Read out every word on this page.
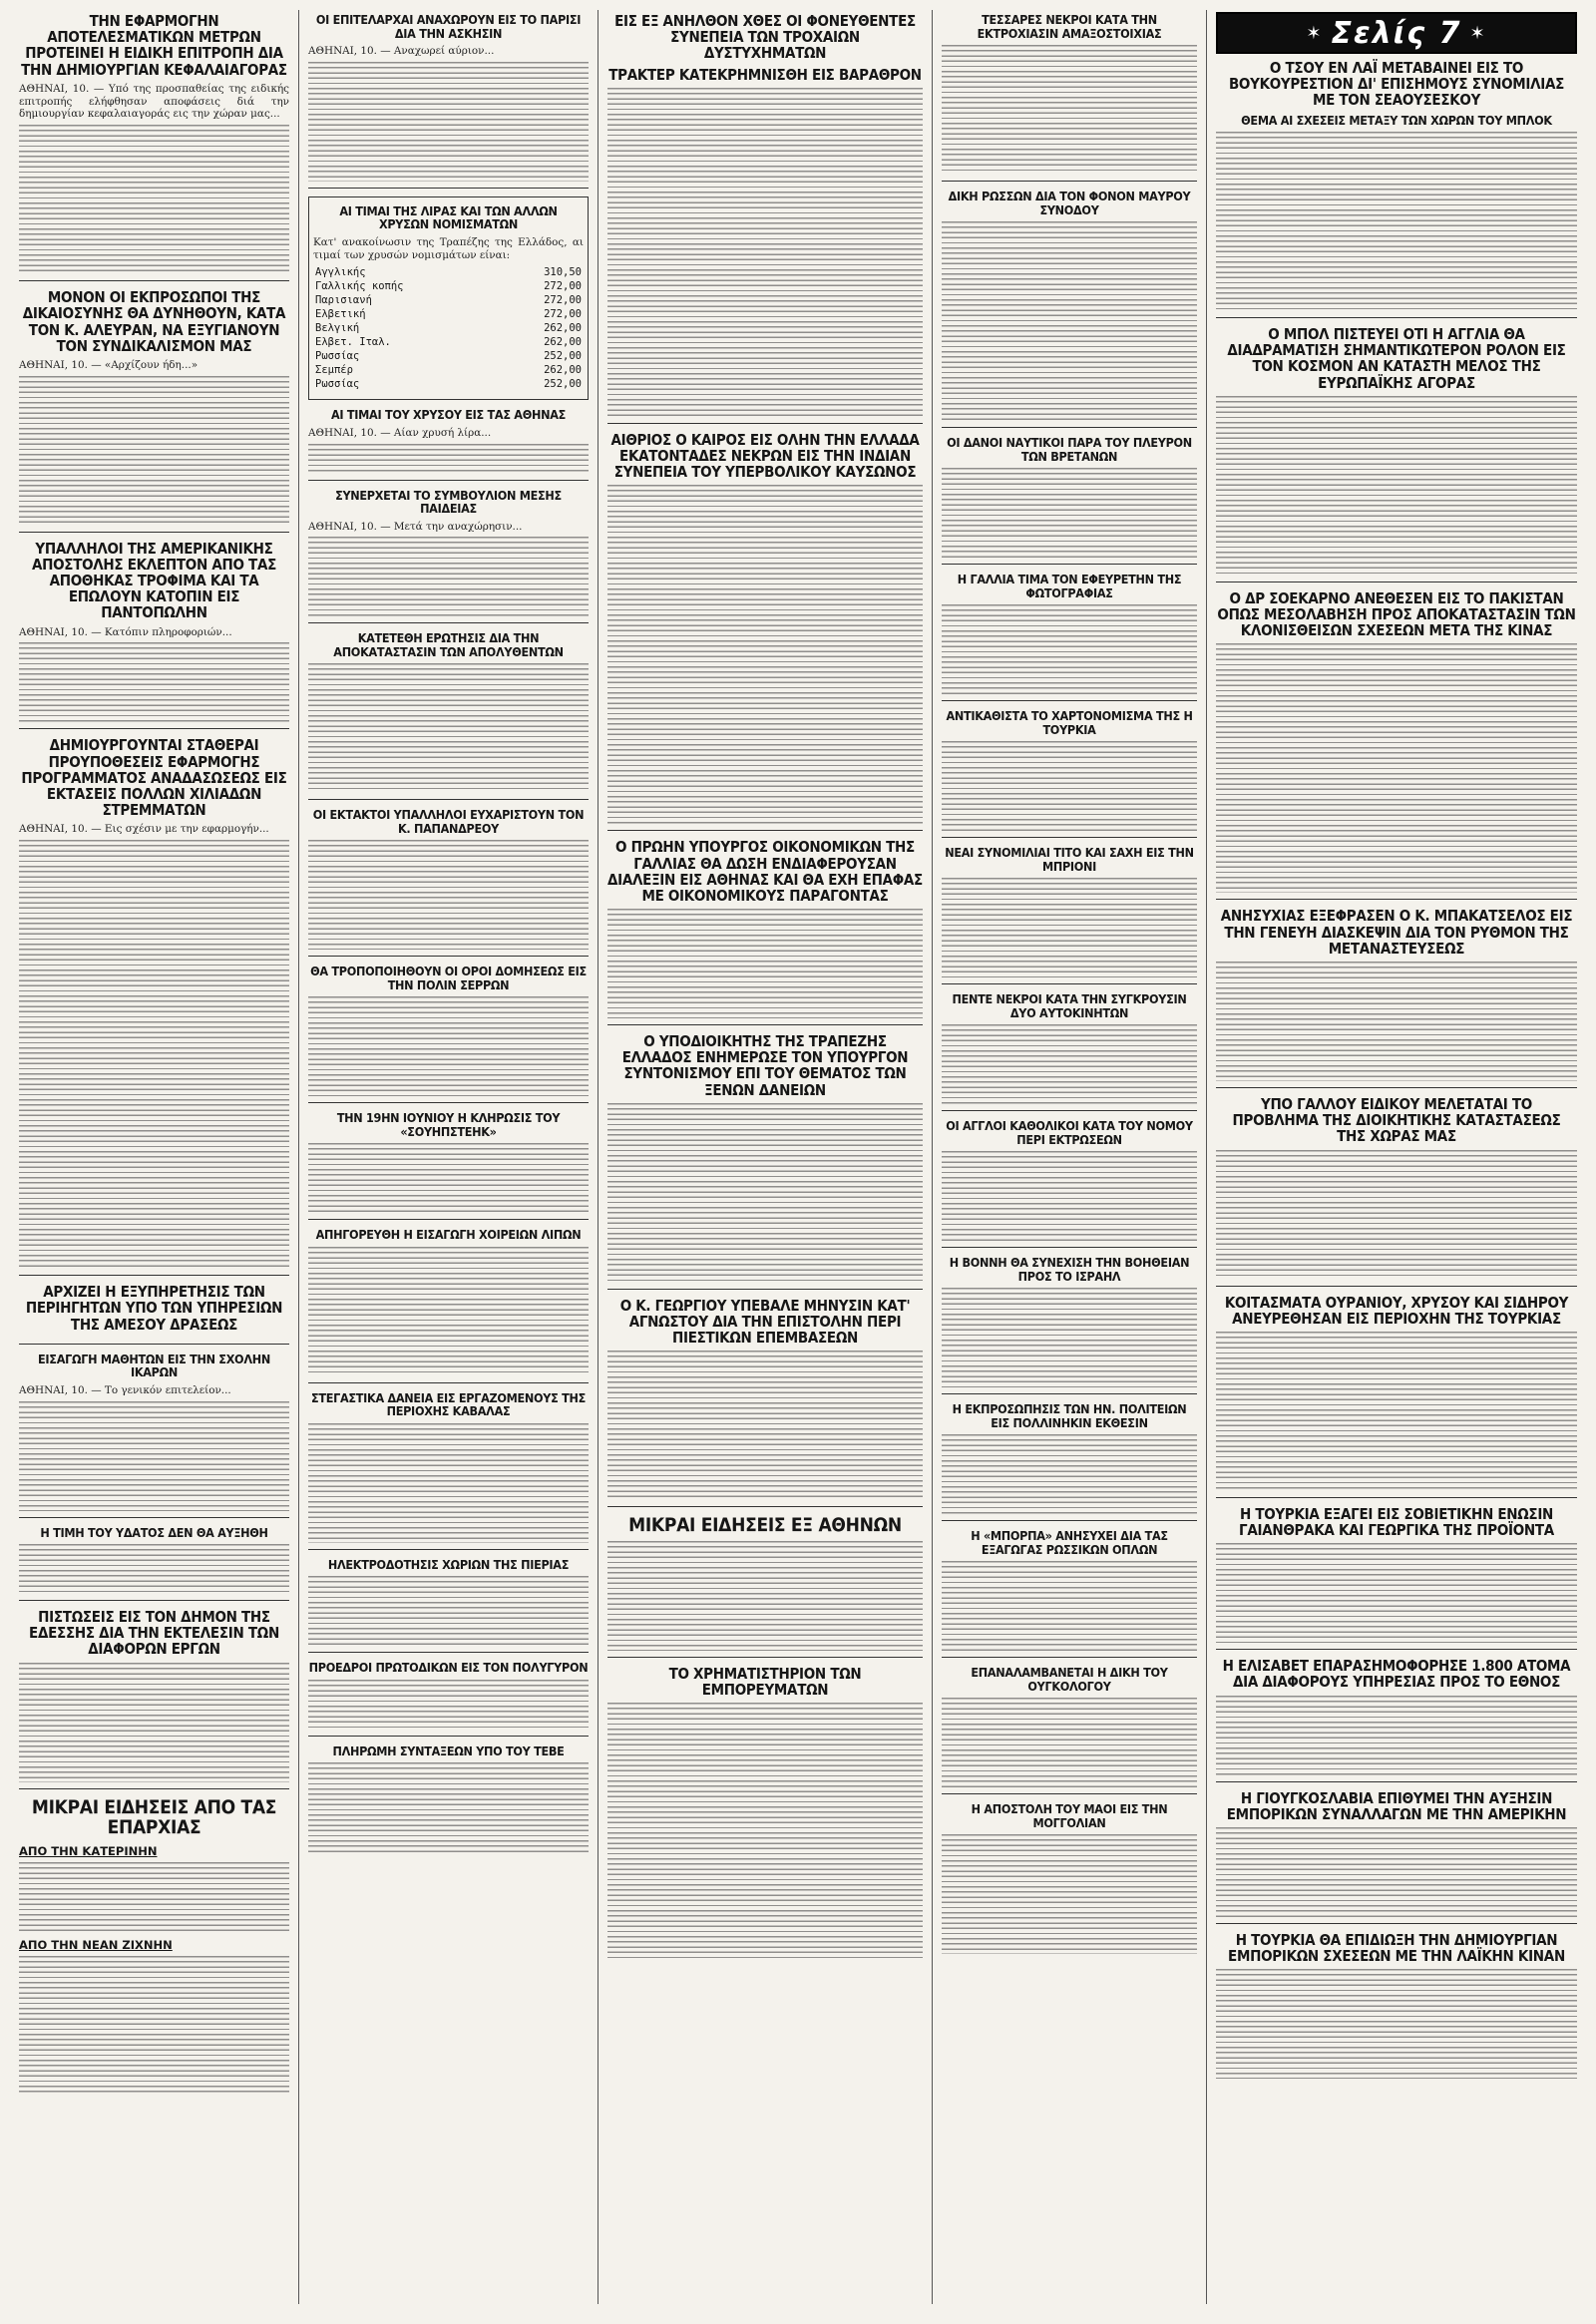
ΤΗΝ ΕΦΑΡΜΟΓΗΝ ΑΠΟΤΕΛΕΣΜΑΤΙΚΩΝ ΜΕΤΡΩΝ ΠΡΟΤΕΙΝΕΙ Η ΕΙΔΙΚΗ ΕΠΙΤΡΟΠΗ ΔΙΑ ΤΗΝ ΔΗΜΙΟΥΡΓΙΑΝ ΚΕΦΑΛΑΙΑΓΟΡΑΣ

ΑΘΗΝΑΙ, 10. — Υπό της προσπαθείας της ειδικής επιτροπής ελήφθησαν αποφάσεις διά την δημιουργίαν κεφαλαιαγοράς εις την χώραν μας...

ΜΟΝΟΝ ΟΙ ΕΚΠΡΟΣΩΠΟΙ ΤΗΣ ΔΙΚΑΙΟΣΥΝΗΣ ΘΑ ΔΥΝΗΘΟΥΝ, ΚΑΤΑ ΤΟΝ Κ. ΑΛΕΥΡΑΝ, ΝΑ ΕΞΥΓΙΑΝΟΥΝ ΤΟΝ ΣΥΝΔΙΚΑΛΙΣΜΟΝ ΜΑΣ

ΑΘΗΝΑΙ, 10. — «Αρχίζουν ήδη...»

ΥΠΑΛΛΗΛΟΙ ΤΗΣ ΑΜΕΡΙΚΑΝΙΚΗΣ ΑΠΟΣΤΟΛΗΣ ΕΚΛΕΠΤΟΝ ΑΠΟ ΤΑΣ ΑΠΟΘΗΚΑΣ ΤΡΟΦΙΜΑ ΚΑΙ ΤΑ ΕΠΩΛΟΥΝ ΚΑΤΟΠΙΝ ΕΙΣ ΠΑΝΤΟΠΩΛΗΝ

ΑΘΗΝΑΙ, 10. — Κατόπιν πληροφοριών...

ΔΗΜΙΟΥΡΓΟΥΝΤΑΙ ΣΤΑΘΕΡΑΙ ΠΡΟΥΠΟΘΕΣΕΙΣ ΕΦΑΡΜΟΓΗΣ ΠΡΟΓΡΑΜΜΑΤΟΣ ΑΝΑΔΑΣΩΣΕΩΣ ΕΙΣ ΕΚΤΑΣΕΙΣ ΠΟΛΛΩΝ ΧΙΛΙΑΔΩΝ ΣΤΡΕΜΜΑΤΩΝ

ΑΘΗΝΑΙ, 10. — Εις σχέσιν με την εφαρμογήν...

ΑΡΧΙΖΕΙ Η ΕΞΥΠΗΡΕΤΗΣΙΣ ΤΩΝ ΠΕΡΙΗΓΗΤΩΝ ΥΠΟ ΤΩΝ ΥΠΗΡΕΣΙΩΝ ΤΗΣ ΑΜΕΣΟΥ ΔΡΑΣΕΩΣ
ΕΙΣΑΓΩΓΗ ΜΑΘΗΤΩΝ ΕΙΣ ΤΗΝ ΣΧΟΛΗΝ ΙΚΑΡΩΝ

ΑΘΗΝΑΙ, 10. — Το γενικόν επιτελείον...

Η ΤΙΜΗ ΤΟΥ ΥΔΑΤΟΣ ΔΕΝ ΘΑ ΑΥΞΗΘΗ
ΠΙΣΤΩΣΕΙΣ ΕΙΣ ΤΟΝ ΔΗΜΟΝ ΤΗΣ ΕΔΕΣΣΗΣ ΔΙΑ ΤΗΝ ΕΚΤΕΛΕΣΙΝ ΤΩΝ ΔΙΑΦΟΡΩΝ ΕΡΓΩΝ
ΜΙΚΡΑΙ ΕΙΔΗΣΕΙΣ ΑΠΟ ΤΑΣ ΕΠΑΡΧΙΑΣ
ΑΠΟ ΤΗΝ ΚΑΤΕΡΙΝΗΝ
ΑΠΟ ΤΗΝ ΝΕΑΝ ΖΙΧΝΗΝ
ΟΙ ΕΠΙΤΕΛΑΡΧΑΙ ΑΝΑΧΩΡΟΥΝ ΕΙΣ ΤΟ ΠΑΡΙΣΙ ΔΙΑ ΤΗΝ ΑΣΚΗΣΙΝ

ΑΘΗΝΑΙ, 10. — Αναχωρεί αύριον...

ΑΙ ΤΙΜΑΙ ΤΗΣ ΛΙΡΑΣ ΚΑΙ ΤΩΝ ΑΛΛΩΝ ΧΡΥΣΩΝ ΝΟΜΙΣΜΑΤΩΝ

Κατ' ανακοίνωσιν της Τραπέζης της Ελλάδος, αι τιμαί των χρυσών νομισμάτων είναι:

Αγγλικής	310,50
Γαλλικής κοπής	272,00
Παρισιανή	272,00
Ελβετική	272,00
Βελγική	262,00
Ελβετ. Ιταλ.	262,00
Ρωσσίας	252,00
Σεμπέρ	262,00
Ρωσσίας	252,00
ΑΙ ΤΙΜΑΙ ΤΟΥ ΧΡΥΣΟΥ ΕΙΣ ΤΑΣ ΑΘΗΝΑΣ

ΑΘΗΝΑΙ, 10. — Αίαν χρυσή λίρα...

ΣΥΝΕΡΧΕΤΑΙ ΤΟ ΣΥΜΒΟΥΛΙΟΝ ΜΕΣΗΣ ΠΑΙΔΕΙΑΣ

ΑΘΗΝΑΙ, 10. — Μετά την αναχώρησιν...

ΚΑΤΕΤΕΘΗ ΕΡΩΤΗΣΙΣ ΔΙΑ ΤΗΝ ΑΠΟΚΑΤΑΣΤΑΣΙΝ ΤΩΝ ΑΠΟΛΥΘΕΝΤΩΝ
ΟΙ ΕΚΤΑΚΤΟΙ ΥΠΑΛΛΗΛΟΙ ΕΥΧΑΡΙΣΤΟΥΝ ΤΟΝ Κ. ΠΑΠΑΝΔΡΕΟΥ
ΘΑ ΤΡΟΠΟΠΟΙΗΘΟΥΝ ΟΙ ΟΡΟΙ ΔΟΜΗΣΕΩΣ ΕΙΣ ΤΗΝ ΠΟΛΙΝ ΣΕΡΡΩΝ
ΤΗΝ 19ΗΝ ΙΟΥΝΙΟΥ Η ΚΛΗΡΩΣΙΣ ΤΟΥ «ΣΟΥΗΠΣΤΕΗΚ»
ΑΠΗΓΟΡΕΥΘΗ Η ΕΙΣΑΓΩΓΗ ΧΟΙΡΕΙΩΝ ΛΙΠΩΝ
ΣΤΕΓΑΣΤΙΚΑ ΔΑΝΕΙΑ ΕΙΣ ΕΡΓΑΖΟΜΕΝΟΥΣ ΤΗΣ ΠΕΡΙΟΧΗΣ ΚΑΒΑΛΑΣ
ΗΛΕΚΤΡΟΔΟΤΗΣΙΣ ΧΩΡΙΩΝ ΤΗΣ ΠΙΕΡΙΑΣ
ΠΡΟΕΔΡΟΙ ΠΡΩΤΟΔΙΚΩΝ ΕΙΣ ΤΟΝ ΠΟΛΥΓΥΡΟΝ
ΠΛΗΡΩΜΗ ΣΥΝΤΑΞΕΩΝ ΥΠΟ ΤΟΥ ΤΕΒΕ
ΕΙΣ ΕΞ ΑΝΗΛΘΟΝ ΧΘΕΣ ΟΙ ΦΟΝΕΥΘΕΝΤΕΣ ΣΥΝΕΠΕΙΑ ΤΩΝ ΤΡΟΧΑΙΩΝ ΔΥΣΤΥΧΗΜΑΤΩΝ
ΤΡΑΚΤΕΡ ΚΑΤΕΚΡΗΜΝΙΣΘΗ ΕΙΣ ΒΑΡΑΘΡΟΝ
ΑΙΘΡΙΟΣ Ο ΚΑΙΡΟΣ ΕΙΣ ΟΛΗΝ ΤΗΝ ΕΛΛΑΔΑ ΕΚΑΤΟΝΤΑΔΕΣ ΝΕΚΡΩΝ ΕΙΣ ΤΗΝ ΙΝΔΙΑΝ ΣΥΝΕΠΕΙΑ ΤΟΥ ΥΠΕΡΒΟΛΙΚΟΥ ΚΑΥΣΩΝΟΣ
Ο ΠΡΩΗΝ ΥΠΟΥΡΓΟΣ ΟΙΚΟΝΟΜΙΚΩΝ ΤΗΣ ΓΑΛΛΙΑΣ ΘΑ ΔΩΣΗ ΕΝΔΙΑΦΕΡΟΥΣΑΝ ΔΙΑΛΕΞΙΝ ΕΙΣ ΑΘΗΝΑΣ ΚΑΙ ΘΑ ΕΧΗ ΕΠΑΦΑΣ ΜΕ ΟΙΚΟΝΟΜΙΚΟΥΣ ΠΑΡΑΓΟΝΤΑΣ
Ο ΥΠΟΔΙΟΙΚΗΤΗΣ ΤΗΣ ΤΡΑΠΕΖΗΣ ΕΛΛΑΔΟΣ ΕΝΗΜΕΡΩΣΕ ΤΟΝ ΥΠΟΥΡΓΟΝ ΣΥΝΤΟΝΙΣΜΟΥ ΕΠΙ ΤΟΥ ΘΕΜΑΤΟΣ ΤΩΝ ΞΕΝΩΝ ΔΑΝΕΙΩΝ
Ο Κ. ΓΕΩΡΓΙΟΥ ΥΠΕΒΑΛΕ ΜΗΝΥΣΙΝ ΚΑΤ' ΑΓΝΩΣΤΟΥ ΔΙΑ ΤΗΝ ΕΠΙΣΤΟΛΗΝ ΠΕΡΙ ΠΙΕΣΤΙΚΩΝ ΕΠΕΜΒΑΣΕΩΝ
ΜΙΚΡΑΙ ΕΙΔΗΣΕΙΣ ΕΞ ΑΘΗΝΩΝ
ΤΟ ΧΡΗΜΑΤΙΣΤΗΡΙΟΝ ΤΩΝ ΕΜΠΟΡΕΥΜΑΤΩΝ
ΤΕΣΣΑΡΕΣ ΝΕΚΡΟΙ ΚΑΤΑ ΤΗΝ ΕΚΤΡΟΧΙΑΣΙΝ ΑΜΑΞΟΣΤΟΙΧΙΑΣ
ΔΙΚΗ ΡΩΣΣΩΝ ΔΙΑ ΤΟΝ ΦΟΝΟΝ ΜΑΥΡΟΥ ΣΥΝΟΔΟΥ
ΟΙ ΔΑΝΟΙ ΝΑΥΤΙΚΟΙ ΠΑΡΑ ΤΟΥ ΠΛΕΥΡΟΝ ΤΩΝ ΒΡΕΤΑΝΩΝ
Η ΓΑΛΛΙΑ ΤΙΜΑ ΤΟΝ ΕΦΕΥΡΕΤΗΝ ΤΗΣ ΦΩΤΟΓΡΑΦΙΑΣ
ΑΝΤΙΚΑΘΙΣΤΑ ΤΟ ΧΑΡΤΟΝΟΜΙΣΜΑ ΤΗΣ Η ΤΟΥΡΚΙΑ
ΝΕΑΙ ΣΥΝΟΜΙΛΙΑΙ ΤΙΤΟ ΚΑΙ ΣΑΧΗ ΕΙΣ ΤΗΝ ΜΠΡΙΟΝΙ
ΠΕΝΤΕ ΝΕΚΡΟΙ ΚΑΤΑ ΤΗΝ ΣΥΓΚΡΟΥΣΙΝ ΔΥΟ ΑΥΤΟΚΙΝΗΤΩΝ
ΟΙ ΑΓΓΛΟΙ ΚΑΘΟΛΙΚΟΙ ΚΑΤΑ ΤΟΥ ΝΟΜΟΥ ΠΕΡΙ ΕΚΤΡΩΣΕΩΝ
Η ΒΟΝΝΗ ΘΑ ΣΥΝΕΧΙΣΗ ΤΗΝ ΒΟΗΘΕΙΑΝ ΠΡΟΣ ΤΟ ΙΣΡΑΗΛ
Η ΕΚΠΡΟΣΩΠΗΣΙΣ ΤΩΝ ΗΝ. ΠΟΛΙΤΕΙΩΝ ΕΙΣ ΠΟΛΛΙΝΗΚΙΝ ΕΚΘΕΣΙΝ
Η «ΜΠΟΡΠΑ» ΑΝΗΣΥΧΕΙ ΔΙΑ ΤΑΣ ΕΞΑΓΩΓΑΣ ΡΩΣΣΙΚΩΝ ΟΠΛΩΝ
ΕΠΑΝΑΛΑΜΒΑΝΕΤΑΙ Η ΔΙΚΗ ΤΟΥ ΟΥΓΚΟΛΟΓΟΥ
Η ΑΠΟΣΤΟΛΗ ΤΟΥ ΜΑΟΙ ΕΙΣ ΤΗΝ ΜΟΓΓΟΛΙΑΝ
✶ Σελίς 7 ✶
Ο ΤΣΟΥ ΕΝ ΛΑΪ ΜΕΤΑΒΑΙΝΕΙ ΕΙΣ ΤΟ ΒΟΥΚΟΥΡΕΣΤΙΟΝ ΔΙ' ΕΠΙΣΗΜΟΥΣ ΣΥΝΟΜΙΛΙΑΣ ΜΕ ΤΟΝ ΣΕΑΟΥΣΕΣΚΟΥ
ΘΕΜΑ ΑΙ ΣΧΕΣΕΙΣ ΜΕΤΑΞΥ ΤΩΝ ΧΩΡΩΝ ΤΟΥ ΜΠΛΟΚ
Ο ΜΠΟΛ ΠΙΣΤΕΥΕΙ ΟΤΙ Η ΑΓΓΛΙΑ ΘΑ ΔΙΑΔΡΑΜΑΤΙΣΗ ΣΗΜΑΝΤΙΚΩΤΕΡΟΝ ΡΟΛΟΝ ΕΙΣ ΤΟΝ ΚΟΣΜΟΝ ΑΝ ΚΑΤΑΣΤΗ ΜΕΛΟΣ ΤΗΣ ΕΥΡΩΠΑΪΚΗΣ ΑΓΟΡΑΣ
Ο ΔΡ ΣΟΕΚΑΡΝΟ ΑΝΕΘΕΣΕΝ ΕΙΣ ΤΟ ΠΑΚΙΣΤΑΝ ΟΠΩΣ ΜΕΣΟΛΑΒΗΣΗ ΠΡΟΣ ΑΠΟΚΑΤΑΣΤΑΣΙΝ ΤΩΝ ΚΛΟΝΙΣΘΕΙΣΩΝ ΣΧΕΣΕΩΝ ΜΕΤΑ ΤΗΣ ΚΙΝΑΣ
ΑΝΗΣΥΧΙΑΣ ΕΞΕΦΡΑΣΕΝ Ο Κ. ΜΠΑΚΑΤΣΕΛΟΣ ΕΙΣ ΤΗΝ ΓΕΝΕΥΗ ΔΙΑΣΚΕΨΙΝ ΔΙΑ ΤΟΝ ΡΥΘΜΟΝ ΤΗΣ ΜΕΤΑΝΑΣΤΕΥΣΕΩΣ
ΥΠΟ ΓΑΛΛΟΥ ΕΙΔΙΚΟΥ ΜΕΛΕΤΑΤΑΙ ΤΟ ΠΡΟΒΛΗΜΑ ΤΗΣ ΔΙΟΙΚΗΤΙΚΗΣ ΚΑΤΑΣΤΑΣΕΩΣ ΤΗΣ ΧΩΡΑΣ ΜΑΣ
ΚΟΙΤΑΣΜΑΤΑ ΟΥΡΑΝΙΟΥ, ΧΡΥΣΟΥ ΚΑΙ ΣΙΔΗΡΟΥ ΑΝΕΥΡΕΘΗΣΑΝ ΕΙΣ ΠΕΡΙΟΧΗΝ ΤΗΣ ΤΟΥΡΚΙΑΣ
Η ΤΟΥΡΚΙΑ ΕΞΑΓΕΙ ΕΙΣ ΣΟΒΙΕΤΙΚΗΝ ΕΝΩΣΙΝ ΓΑΙΑΝΘΡΑΚΑ ΚΑΙ ΓΕΩΡΓΙΚΑ ΤΗΣ ΠΡΟΪΟΝΤΑ
Η ΕΛΙΣΑΒΕΤ ΕΠΑΡΑΣΗΜΟΦΟΡΗΣΕ 1.800 ΑΤΟΜΑ ΔΙΑ ΔΙΑΦΟΡΟΥΣ ΥΠΗΡΕΣΙΑΣ ΠΡΟΣ ΤΟ ΕΘΝΟΣ
Η ΓΙΟΥΓΚΟΣΛΑΒΙΑ ΕΠΙΘΥΜΕΙ ΤΗΝ ΑΥΞΗΣΙΝ ΕΜΠΟΡΙΚΩΝ ΣΥΝΑΛΛΑΓΩΝ ΜΕ ΤΗΝ ΑΜΕΡΙΚΗΝ
Η ΤΟΥΡΚΙΑ ΘΑ ΕΠΙΔΙΩΞΗ ΤΗΝ ΔΗΜΙΟΥΡΓΙΑΝ ΕΜΠΟΡΙΚΩΝ ΣΧΕΣΕΩΝ ΜΕ ΤΗΝ ΛΑΪΚΗΝ ΚΙΝΑΝ
